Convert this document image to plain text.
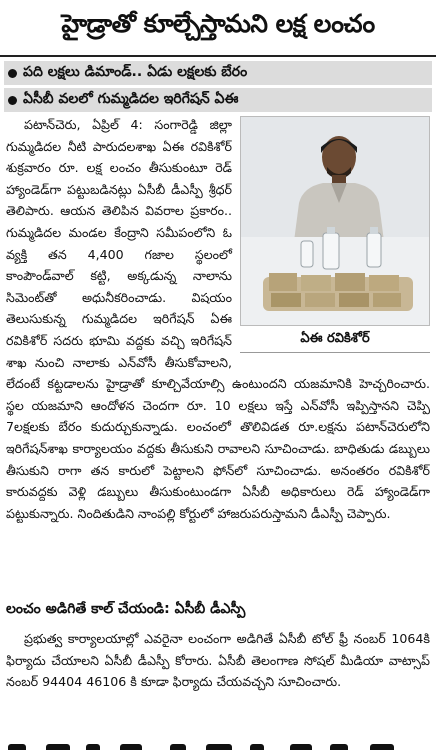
హైడ్రాతో కూల్చేస్తామని లక్ష లంచం
పది లక్షలు డిమాండ్.. ఏడు లక్షలకు బేరం
ఏసీబీ వలలో గుమ్మడిదల ఇరిగేషన్ ఏఈ
ఏఈ రవికిశోర్

పటాన్‌చెరు, ఏప్రిల్ 4: సంగారెడ్డి జిల్లా గుమ్మడిదల నీటి పారుదలశాఖ ఏఈ రవికిశోర్ శుక్రవారం రూ. లక్ష లంచం తీసుకుంటూ రెడ్ హ్యాండెడ్‌గా పట్టుబడినట్లు ఏసీబీ డీఎస్పీ శ్రీధర్ తెలిపారు. ఆయన తెలిపిన వివరాల ప్రకారం.. గుమ్మడిదల మండల కేంద్రాని సమీపంలోని ఓ వ్యక్తి తన 4,400 గజాల స్థలంలో కాంపౌండ్‌వాల్ కట్టి, అక్కడున్న నాలాను సిమెంట్‌తో అధునీకరించాడు. విషయం తెలుసుకున్న గుమ్మడిదల ఇరిగేషన్ ఏఈ రవికిశోర్ సదరు భూమి వద్దకు వచ్చి ఇరిగేషన్ శాఖ నుంచి నాలాకు ఎన్‌వోసీ తీసుకోవాలని, లేదంటే కట్టడాలను హైడ్రాతో కూల్చివేయాల్సి ఉంటుందని యజమానికి హెచ్చరించారు. స్థల యజమాని ఆందోళన చెందగా రూ. 10 లక్షలు ఇస్తే ఎన్‌వోసీ ఇప్పిస్తానని చెప్పి 7లక్షలకు బేరం కుదుర్చుకున్నాడు. లంచంలో తొలివిడత రూ.లక్షను పటాన్‌చెరులోని ఇరిగేషన్‌శాఖ కార్యాలయం వద్దకు తీసుకుని రావాలని సూచించాడు. బాధితుడు డబ్బులు తీసుకుని రాగా తన కారులో పెట్టాలని ఫోన్‌లో సూచించాడు. అనంతరం రవికిశోర్ కారువద్దకు వెళ్లి డబ్బులు తీసుకుంటుండగా ఏసీబీ అధికారులు రెడ్ హ్యాండెడ్‌గా పట్టుకున్నారు. నిందితుడిని నాంపల్లి కోర్టులో హాజరుపరుస్తామని డీఎస్పీ చెప్పారు.

లంచం అడిగితే కాల్ చేయండి: ఏసీబీ డీఎస్పీ
ప్రభుత్వ కార్యాలయాల్లో ఎవరైనా లంచంగా అడిగితే ఏసీబీ టోల్ ఫ్రీ నంబర్ 1064కి ఫిర్యాదు చేయాలని ఏసీబీ డీఎస్పీ కోరారు. ఏసీబీ తెలంగాణ సోషల్ మీడియా వాట్సాప్ నంబర్ 94404 46106 కి కూడా ఫిర్యాదు చేయవచ్చని సూచించారు.
